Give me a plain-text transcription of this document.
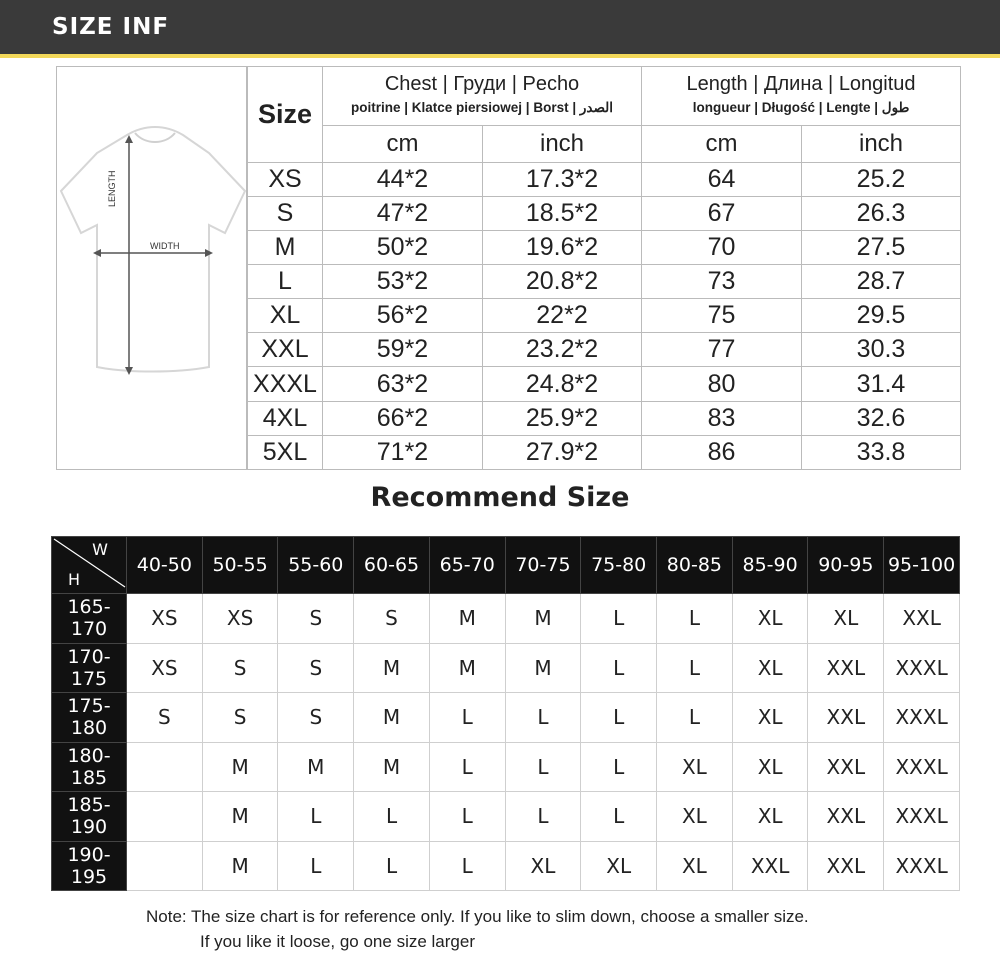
SIZE INF
LENGTH
WIDTH
Size	Chest | Груди | Pecho
poitrine | Klatce piersiowej | Borst | الصدر		Length | Длина | Longitud
longueur | Długość | Lengte | طول	

	cm	inch	cm	inch
XS	44*2	17.3*2	64	25.2
S	47*2	18.5*2	67	26.3
M	50*2	19.6*2	70	27.5
L	53*2	20.8*2	73	28.7
XL	56*2	22*2	75	29.5
XXL	59*2	23.2*2	77	30.3
XXXL	63*2	24.8*2	80	31.4
4XL	66*2	25.9*2	83	32.6
5XL	71*2	27.9*2	86	33.8
Recommend Size
W
H	40-50	50-55	55-60	60-65	65-70	70-75	75-80	80-85	85-90	90-95	95-100
165-170	XS	XS	S	S	M	M	L	L	XL	XL	XXL
170-175	XS	S	S	M	M	M	L	L	XL	XXL	XXXL
175-180	S	S	S	M	L	L	L	L	XL	XXL	XXXL
180-185		M	M	M	L	L	L	XL	XL	XXL	XXXL
185-190		M	L	L	L	L	L	XL	XL	XXL	XXXL
190-195		M	L	L	L	XL	XL	XL	XXL	XXL	XXXL
Note: The size chart is for reference only. If you like to slim down, choose a smaller size.
If you like it loose, go one size larger
